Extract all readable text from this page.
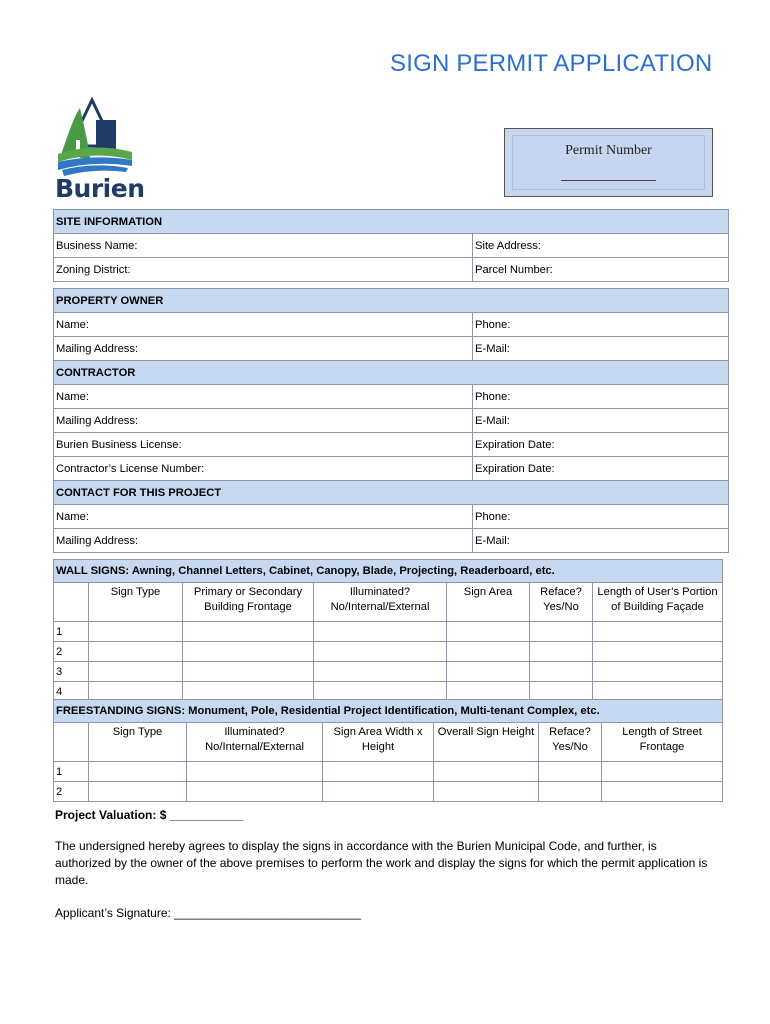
SIGN PERMIT APPLICATION
Burien
Permit Number
SITE INFORMATION	
Business Name:	Site Address:
Zoning District:	Parcel Number:

PROPERTY OWNER	
Name:	Phone:
Mailing Address:	E-Mail:
CONTRACTOR	
Name:	Phone:
Mailing Address:	E-Mail:
Burien Business License:	Expiration Date:
Contractor’s License Number:	Expiration Date:
CONTACT FOR THIS PROJECT	
Name:	Phone:
Mailing Address:	E-Mail:
WALL SIGNS: Awning, Channel Letters, Cabinet, Canopy, Blade, Projecting, Readerboard, etc.						
	Sign Type	Primary or Secondary Building Frontage	Illuminated? No/Internal/External	Sign Area	Reface? Yes/No	Length of User’s Portion of Building Façade
1						
2						
3						
4						
FREESTANDING SIGNS: Monument, Pole, Residential Project Identification, Multi-tenant Complex, etc.						
	Sign Type	Illuminated? No/Internal/External	Sign Area Width x Height	Overall Sign Height	Reface? Yes/No	Length of Street Frontage
1						
2						
Project Valuation: $ ___________
The undersigned hereby agrees to display the signs in accordance with the Burien Municipal Code, and further, is authorized by the owner of the above premises to perform the work and display the signs for which the permit application is made.
Applicant’s Signature: ____________________________
